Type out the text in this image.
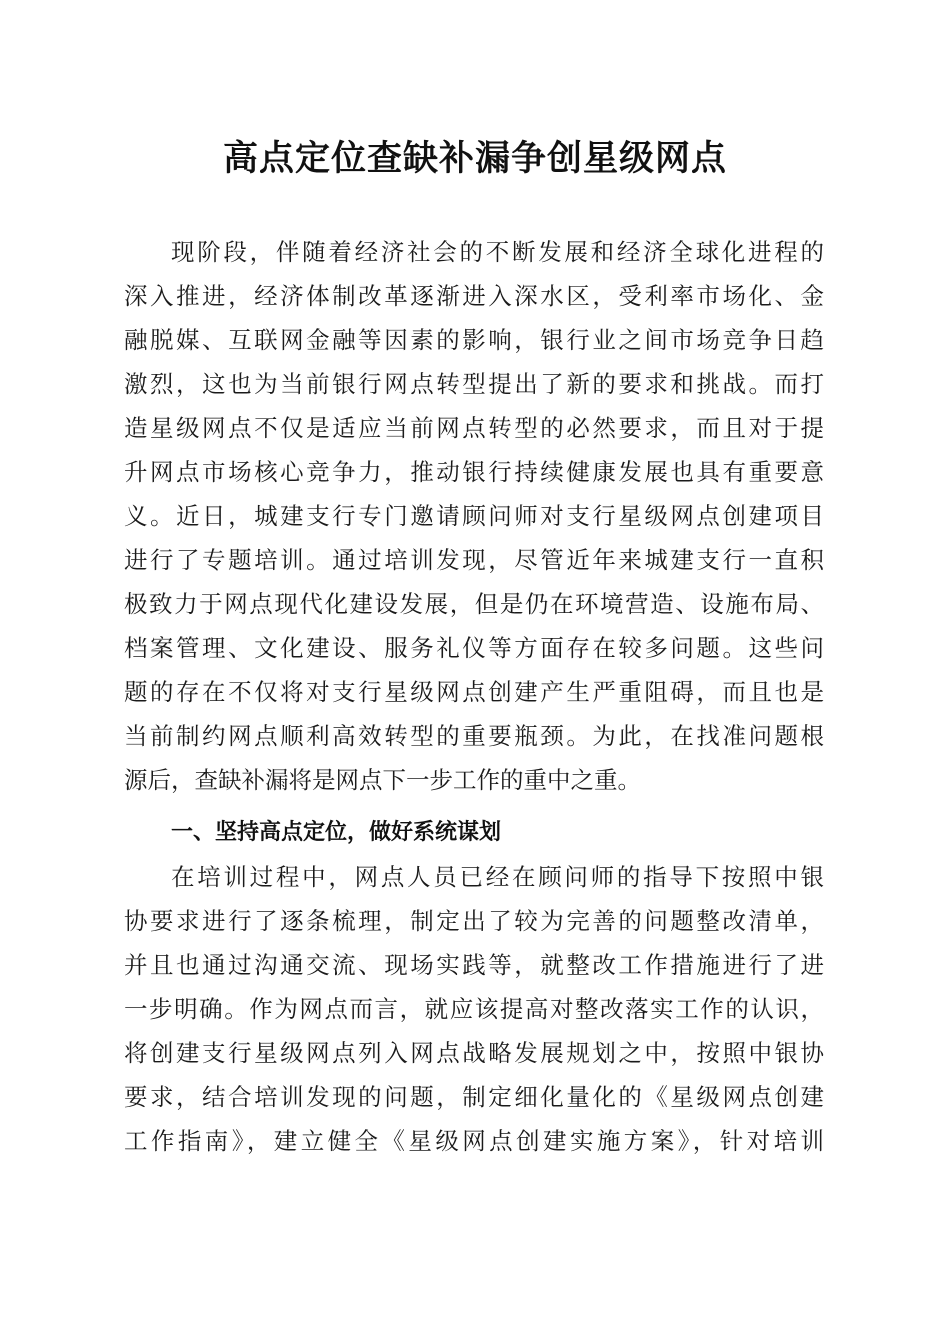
高点定位查缺补漏争创星级网点
现阶段，伴随着经济社会的不断发展和经济全球化进程的
深入推进，经济体制改革逐渐进入深水区，受利率市场化、金
融脱媒、互联网金融等因素的影响，银行业之间市场竞争日趋
激烈，这也为当前银行网点转型提出了新的要求和挑战。而打
造星级网点不仅是适应当前网点转型的必然要求，而且对于提
升网点市场核心竞争力，推动银行持续健康发展也具有重要意
义。近日，城建支行专门邀请顾问师对支行星级网点创建项目
进行了专题培训。通过培训发现，尽管近年来城建支行一直积
极致力于网点现代化建设发展，但是仍在环境营造、设施布局、
档案管理、文化建设、服务礼仪等方面存在较多问题。这些问
题的存在不仅将对支行星级网点创建产生严重阻碍，而且也是
当前制约网点顺利高效转型的重要瓶颈。为此，在找准问题根
源后，查缺补漏将是网点下一步工作的重中之重。
一、坚持高点定位，做好系统谋划
在培训过程中，网点人员已经在顾问师的指导下按照中银
协要求进行了逐条梳理，制定出了较为完善的问题整改清单，
并且也通过沟通交流、现场实践等，就整改工作措施进行了进
一步明确。作为网点而言，就应该提高对整改落实工作的认识，
将创建支行星级网点列入网点战略发展规划之中，按照中银协
要求，结合培训发现的问题，制定细化量化的《星级网点创建
工作指南》，建立健全《星级网点创建实施方案》，针对培训
